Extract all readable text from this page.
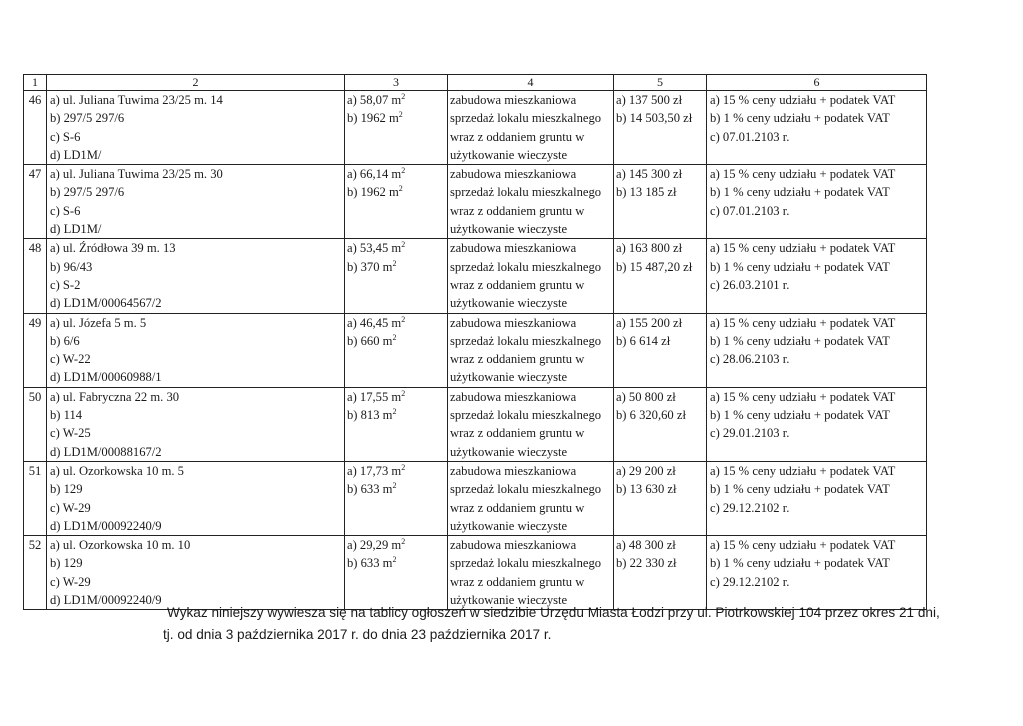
1	2	3	4	5	6

46	a) ul. Juliana Tuwima 23/25 m. 14
b) 297/5 297/6
c) S-6
d) LD1M/	a) 58,07 $m^2$
b) 1962 $m^2$	zabudowa mieszkaniowa
sprzedaż lokalu mieszkalnego
wraz z oddaniem gruntu w
użytkowanie wieczyste	a) 137 500 zł
b) 14 503,50 zł	a) 15 % ceny udziału + podatek VAT
b) 1 % ceny udziału + podatek VAT
c) 07.01.2103 r.

47	a) ul. Juliana Tuwima 23/25 m. 30
b) 297/5 297/6
c) S-6
d) LD1M/	a) 66,14 $m^2$
b) 1962 $m^2$	zabudowa mieszkaniowa
sprzedaż lokalu mieszkalnego
wraz z oddaniem gruntu w
użytkowanie wieczyste	a) 145 300 zł
b) 13 185 zł	a) 15 % ceny udziału + podatek VAT
b) 1 % ceny udziału + podatek VAT
c) 07.01.2103 r.

48	a) ul. Źródłowa 39 m. 13
b) 96/43
c) S-2
d) LD1M/00064567/2	a) 53,45 $m^2$
b) 370 $m^2$	zabudowa mieszkaniowa
sprzedaż lokalu mieszkalnego
wraz z oddaniem gruntu w
użytkowanie wieczyste	a) 163 800 zł
b) 15 487,20 zł	a) 15 % ceny udziału + podatek VAT
b) 1 % ceny udziału + podatek VAT
c) 26.03.2101 r.

49	a) ul. Józefa 5 m. 5
b) 6/6
c) W-22
d) LD1M/00060988/1	a) 46,45 $m^2$
b) 660 $m^2$	zabudowa mieszkaniowa
sprzedaż lokalu mieszkalnego
wraz z oddaniem gruntu w
użytkowanie wieczyste	a) 155 200 zł
b) 6 614 zł	a) 15 % ceny udziału + podatek VAT
b) 1 % ceny udziału + podatek VAT
c) 28.06.2103 r.

50	a) ul. Fabryczna 22 m. 30
b) 114
c) W-25
d) LD1M/00088167/2	a) 17,55 $m^2$
b) 813 $m^2$	zabudowa mieszkaniowa
sprzedaż lokalu mieszkalnego
wraz z oddaniem gruntu w
użytkowanie wieczyste	a) 50 800 zł
b) 6 320,60 zł	a) 15 % ceny udziału + podatek VAT
b) 1 % ceny udziału + podatek VAT
c) 29.01.2103 r.

51	a) ul. Ozorkowska 10 m. 5
b) 129
c) W-29
d) LD1M/00092240/9	a) 17,73 $m^2$
b) 633 $m^2$	zabudowa mieszkaniowa
sprzedaż lokalu mieszkalnego
wraz z oddaniem gruntu w
użytkowanie wieczyste	a) 29 200 zł
b) 13 630 zł	a) 15 % ceny udziału + podatek VAT
b) 1 % ceny udziału + podatek VAT
c) 29.12.2102 r.

52	a) ul. Ozorkowska 10 m. 10
b) 129
c) W-29
d) LD1M/00092240/9	a) 29,29 $m^2$
b) 633 $m^2$	zabudowa mieszkaniowa
sprzedaż lokalu mieszkalnego
wraz z oddaniem gruntu w
użytkowanie wieczyste	a) 48 300 zł
b) 22 330 zł	a) 15 % ceny udziału + podatek VAT
b) 1 % ceny udziału + podatek VAT
c) 29.12.2102 r.
Wykaz niniejszy wywiesza się na tablicy ogłoszeń w siedzibie Urzędu Miasta Łodzi przy ul. Piotrkowskiej 104 przez okres 21 dni,
tj. od dnia 3 października 2017 r. do dnia 23 października 2017 r.
